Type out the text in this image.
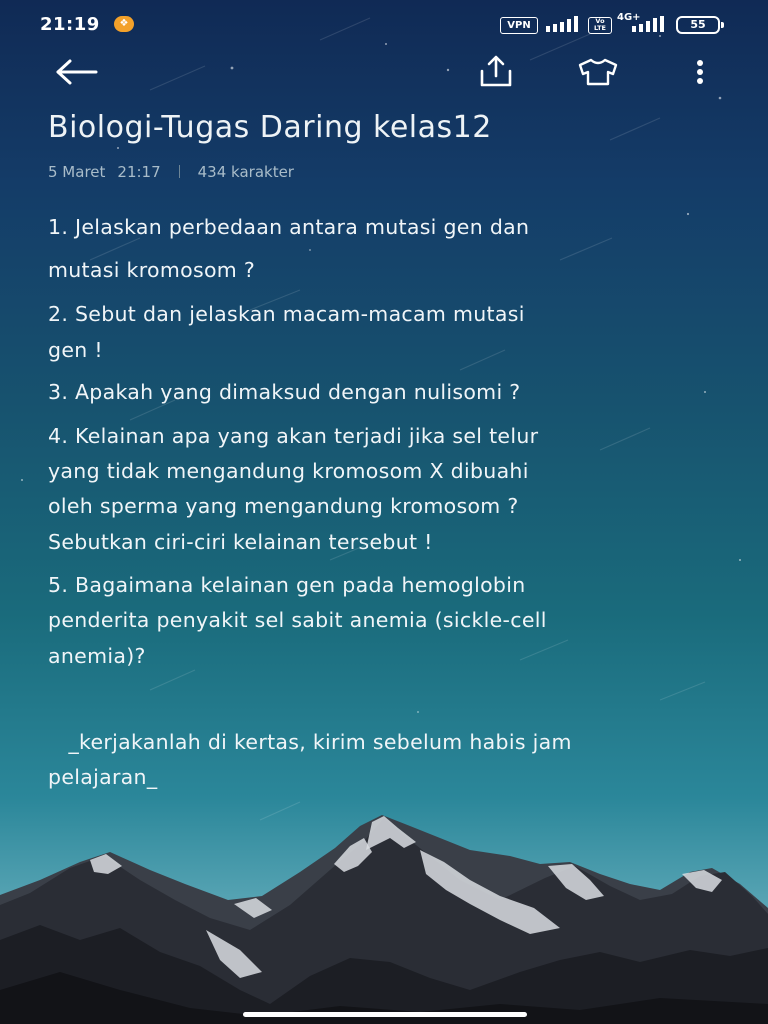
21:19	❖	VPN	Vo
LTE
4G+
55
Biologi-Tugas Daring kelas12
5 Maret 21:17 434 karakter
1. Jelaskan perbedaan antara mutasi gen dan
mutasi kromosom ?
2. Sebut dan jelaskan macam-macam mutasi
gen !
3. Apakah yang dimaksud dengan nulisomi ?
4. Kelainan apa yang akan terjadi jika sel telur
yang tidak mengandung kromosom X dibuahi
oleh sperma yang mengandung kromosom ?
Sebutkan ciri-ciri kelainan tersebut !
5. Bagaimana kelainan gen pada hemoglobin
penderita penyakit sel sabit anemia (sickle-cell
anemia)?
_kerjakanlah di kertas, kirim sebelum habis jam
pelajaran_
